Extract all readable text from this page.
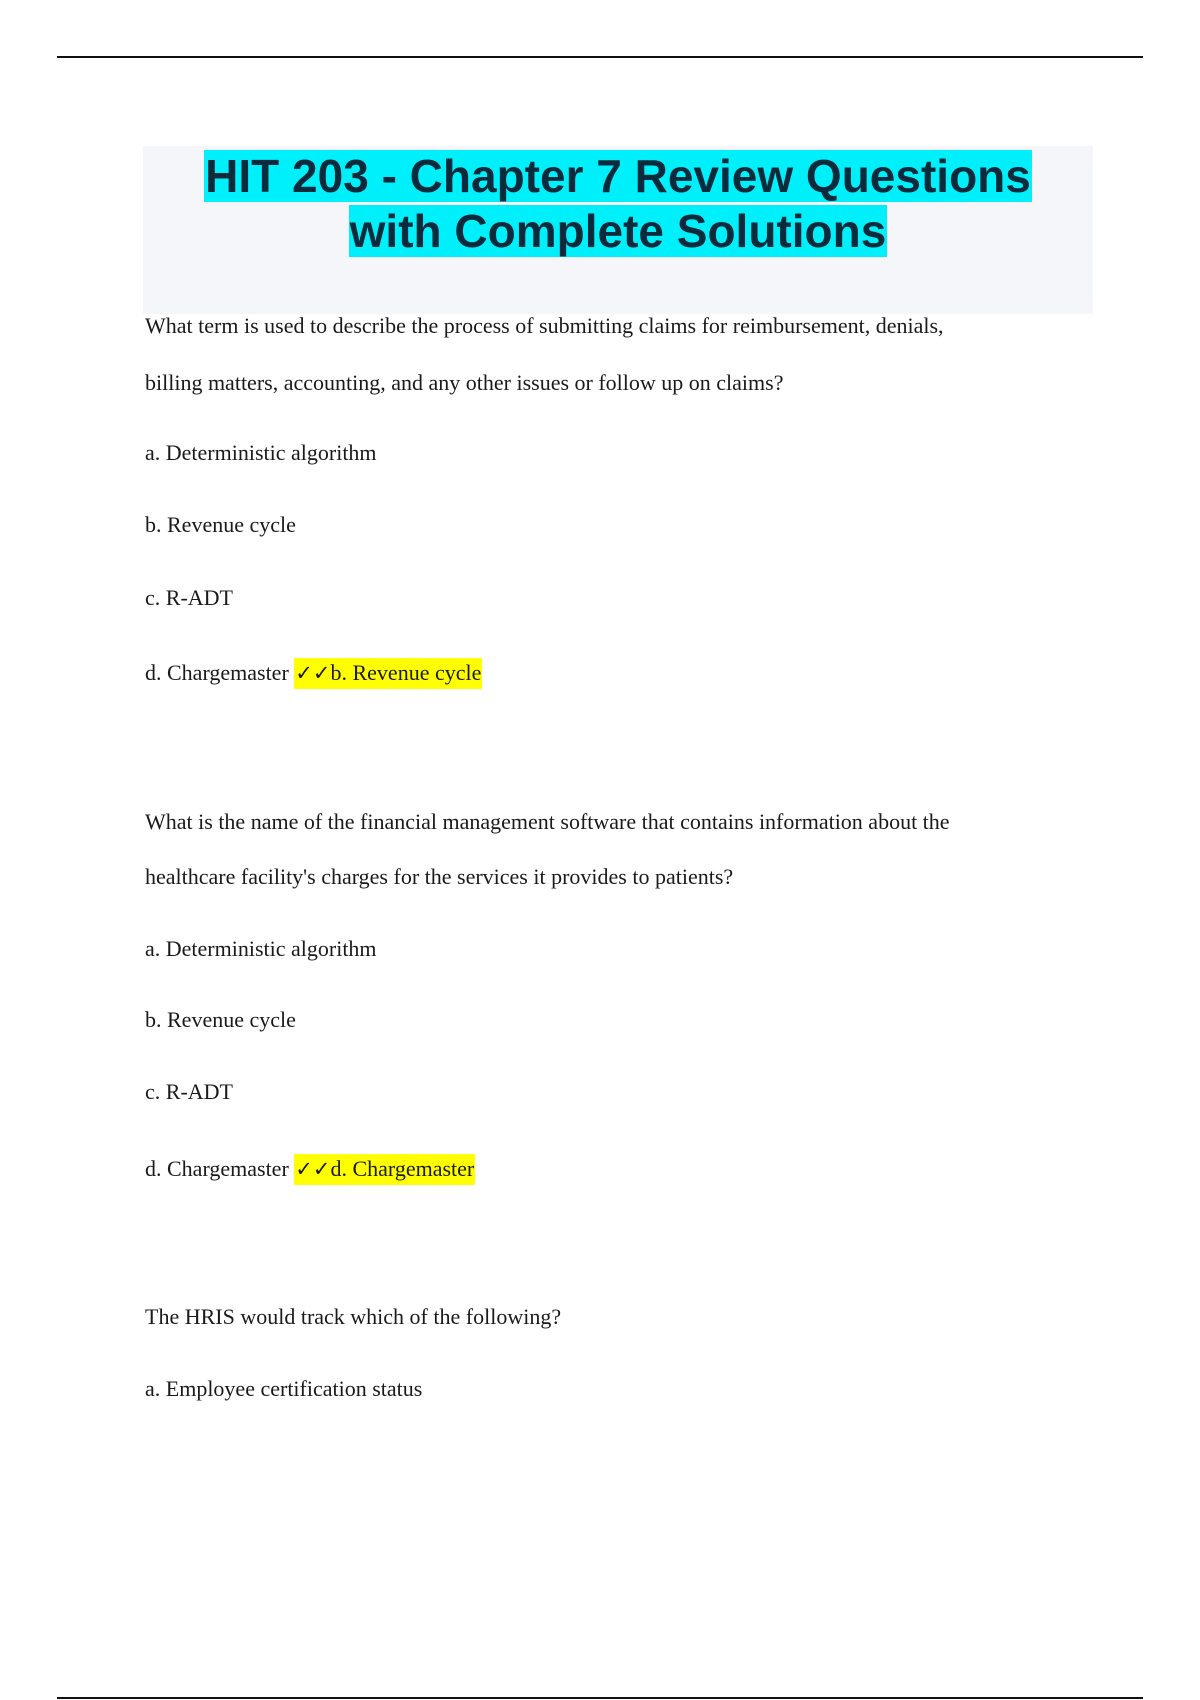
HIT 203 - Chapter 7 Review Questions
with Complete Solutions
What term is used to describe the process of submitting claims for reimbursement, denials,
billing matters, accounting, and any other issues or follow up on claims?
a. Deterministic algorithm
b. Revenue cycle
c. R-ADT
d. Chargemaster ✓✓b. Revenue cycle
What is the name of the financial management software that contains information about the
healthcare facility's charges for the services it provides to patients?
a. Deterministic algorithm
b. Revenue cycle
c. R-ADT
d. Chargemaster ✓✓d. Chargemaster
The HRIS would track which of the following?
a. Employee certification status
